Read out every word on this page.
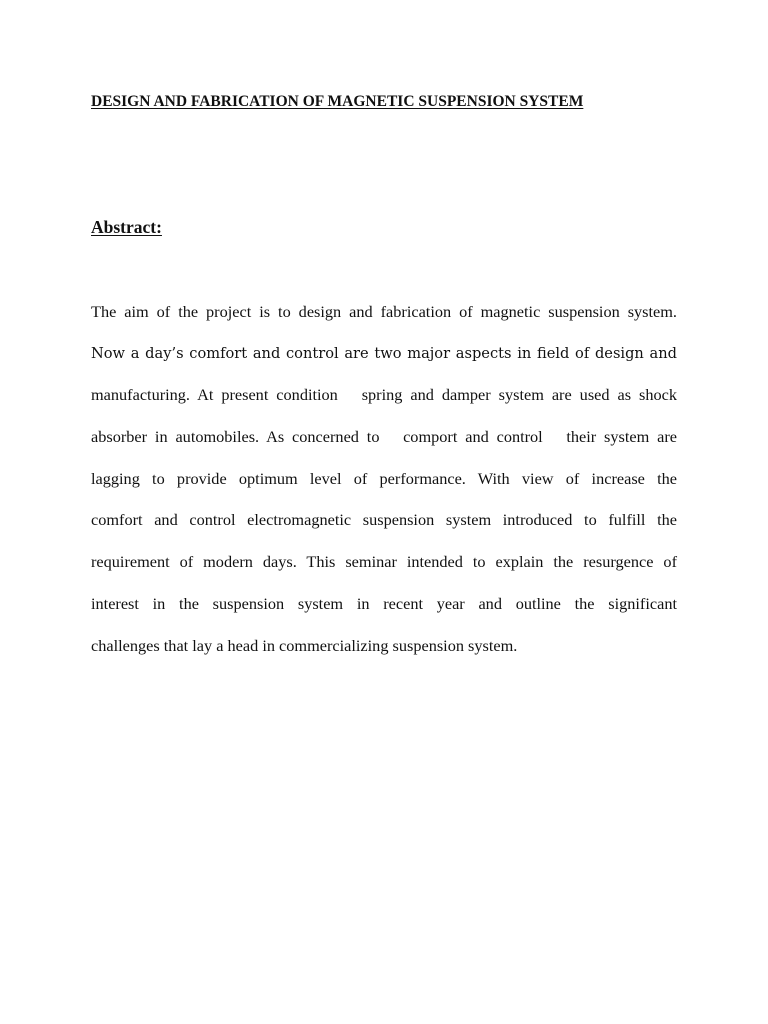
DESIGN AND FABRICATION OF MAGNETIC SUSPENSION SYSTEM
Abstract:
The aim of the project is to design and fabrication of magnetic suspension system.
Now a day’s comfort and control are two major aspects in field of design and
manufacturing. At present condition   spring and damper system are used as shock
absorber in automobiles. As concerned to   comport and control   their system are
lagging to provide optimum level of performance. With view of increase the
comfort and control electromagnetic suspension system introduced to fulfill the
requirement of modern days. This seminar intended to explain the resurgence of
interest in the suspension system in recent year and outline the significant
challenges that lay a head in commercializing suspension system.
